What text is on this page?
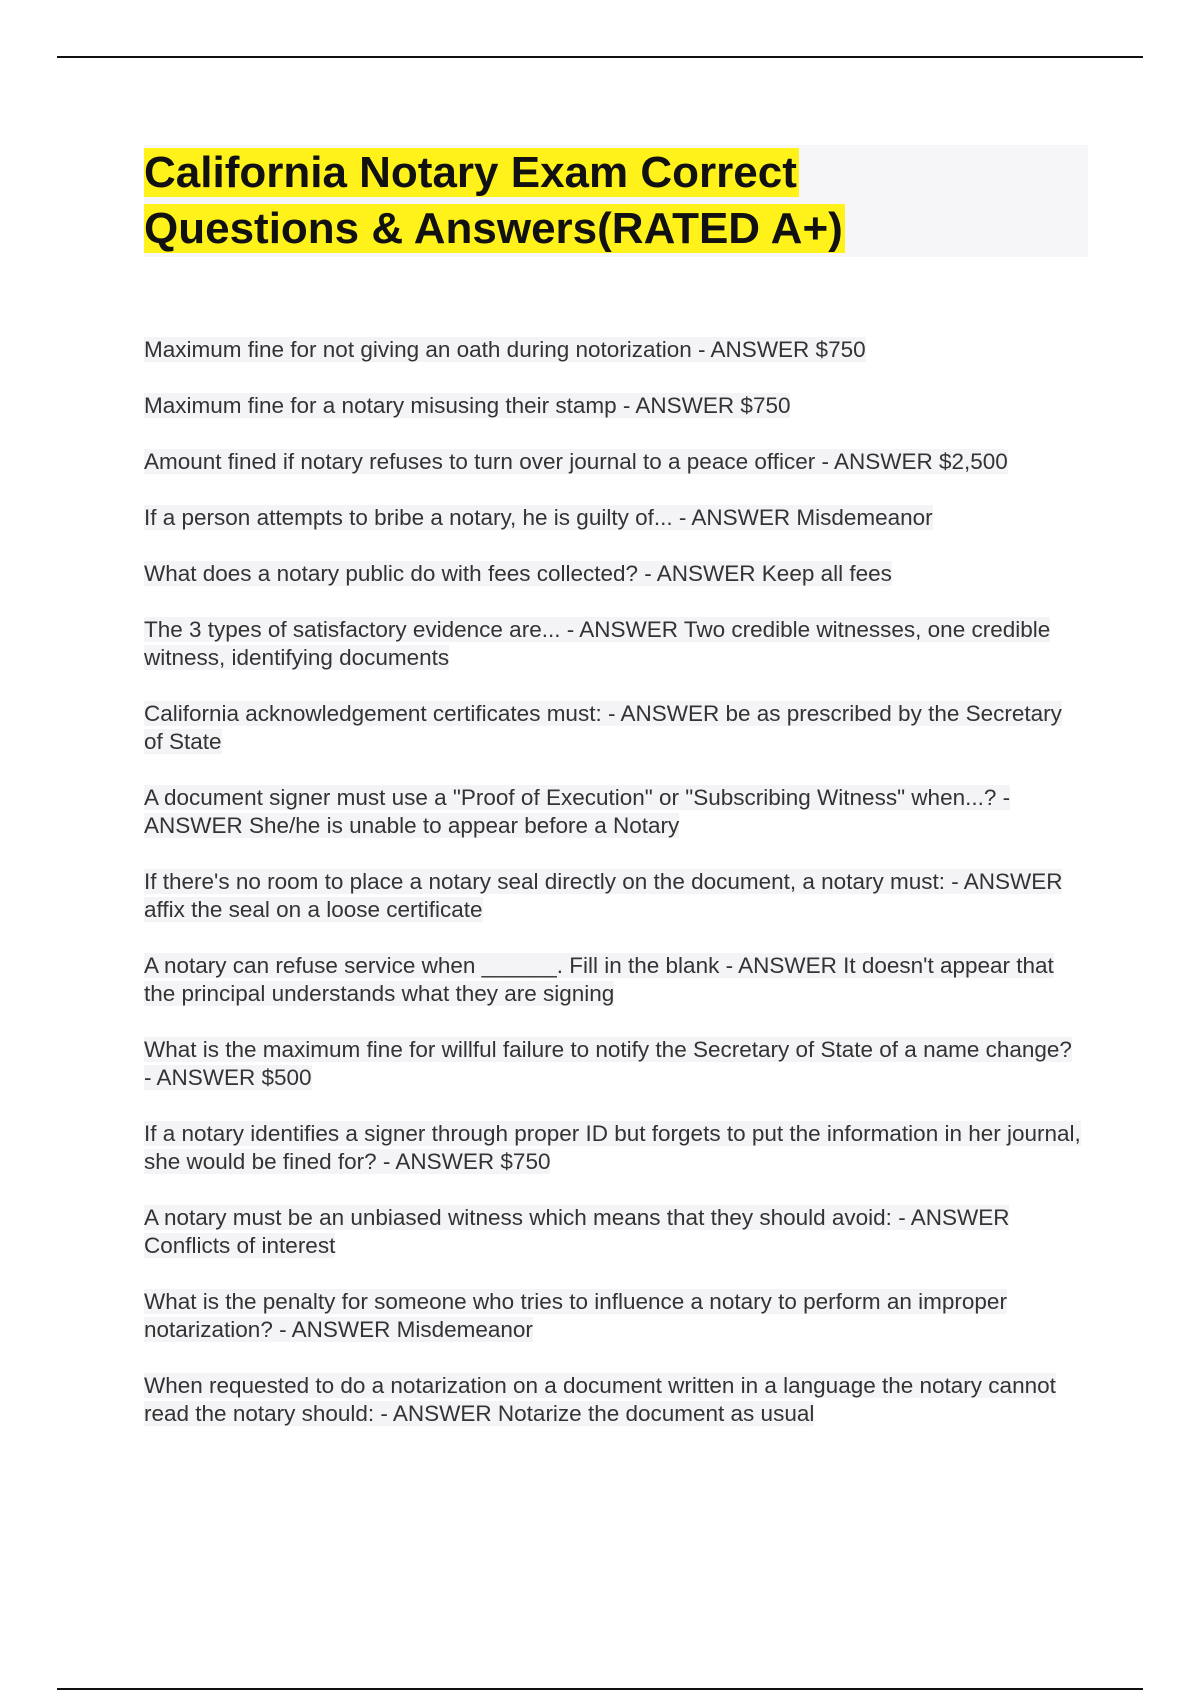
California Notary Exam Correct
Questions & Answers(RATED A+)
Maximum fine for not giving an oath during notorization - ANSWER $750
Maximum fine for a notary misusing their stamp - ANSWER $750
Amount fined if notary refuses to turn over journal to a peace officer - ANSWER $2,500
If a person attempts to bribe a notary, he is guilty of... - ANSWER Misdemeanor
What does a notary public do with fees collected? - ANSWER Keep all fees
The 3 types of satisfactory evidence are... - ANSWER Two credible witnesses, one credible witness, identifying documents
California acknowledgement certificates must: - ANSWER be as prescribed by the Secretary of State
A document signer must use a "Proof of Execution" or "Subscribing Witness" when...? - ANSWER She/he is unable to appear before a Notary
If there's no room to place a notary seal directly on the document, a notary must: - ANSWER affix the seal on a loose certificate
A notary can refuse service when ______. Fill in the blank - ANSWER It doesn't appear that the principal understands what they are signing
What is the maximum fine for willful failure to notify the Secretary of State of a name change? - ANSWER $500
If a notary identifies a signer through proper ID but forgets to put the information in her journal, she would be fined for? - ANSWER $750
A notary must be an unbiased witness which means that they should avoid: - ANSWER Conflicts of interest
What is the penalty for someone who tries to influence a notary to perform an improper notarization? - ANSWER Misdemeanor
When requested to do a notarization on a document written in a language the notary cannot read the notary should: - ANSWER Notarize the document as usual
